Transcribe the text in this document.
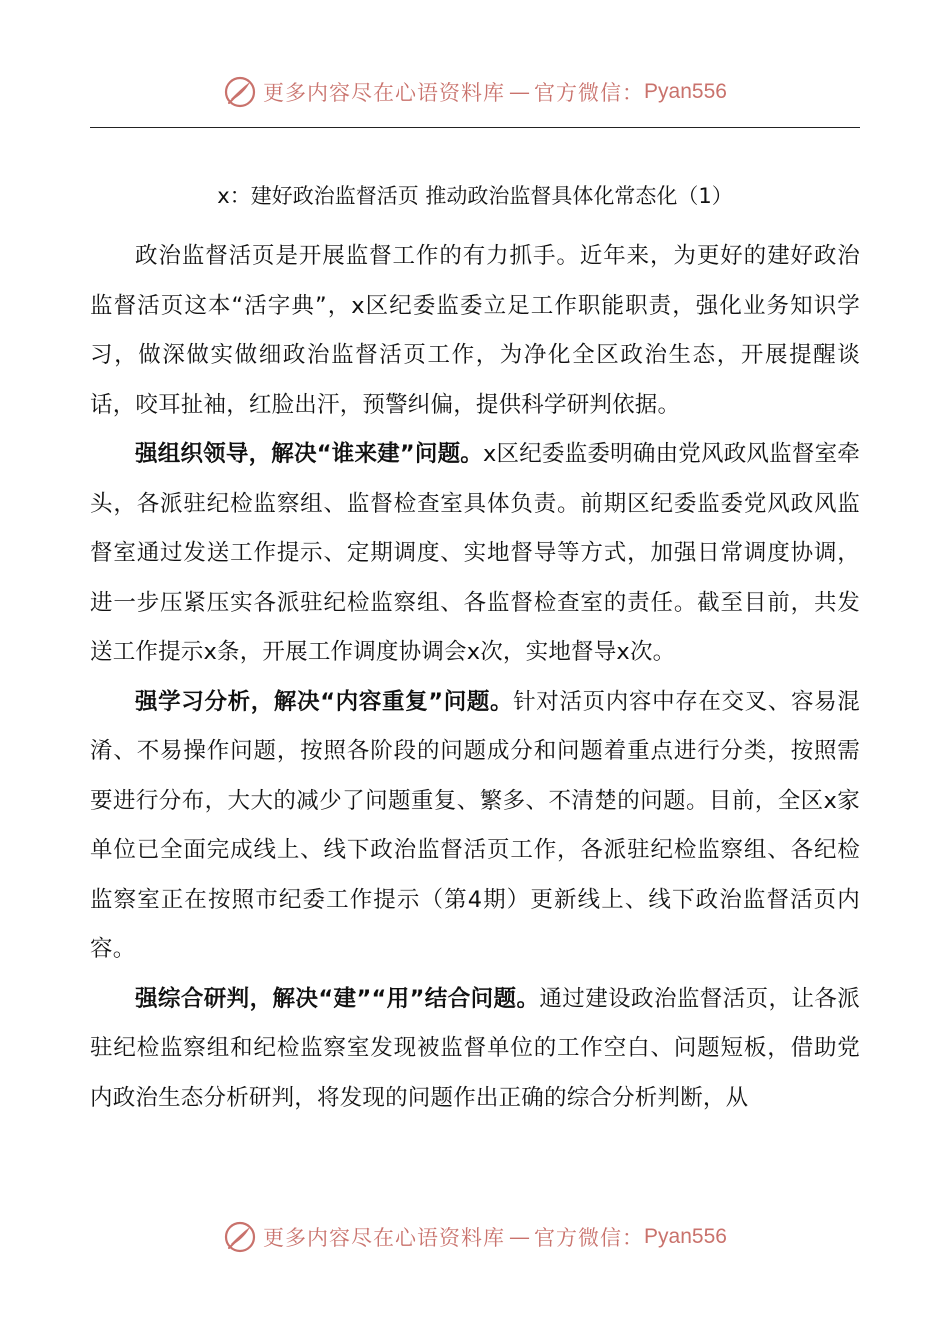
更多内容尽在心语资料库 — 官方微信： Pyan556
x：建好政治监督活页 推动政治监督具体化常态化（1）

政治监督活页是开展监督工作的有力抓手。近年来，为更好的建好政治监督活页这本“活字典”，x区纪委监委立足工作职能职责，强化业务知识学习，做深做实做细政治监督活页工作，为净化全区政治生态，开展提醒谈话，咬耳扯袖，红脸出汗，预警纠偏，提供科学研判依据。

强组织领导，解决“谁来建”问题。x区纪委监委明确由党风政风监督室牵头，各派驻纪检监察组、监督检查室具体负责。前期区纪委监委党风政风监督室通过发送工作提示、定期调度、实地督导等方式，加强日常调度协调，进一步压紧压实各派驻纪检监察组、各监督检查室的责任。截至目前，共发送工作提示x条，开展工作调度协调会x次，实地督导x次。

强学习分析，解决“内容重复”问题。针对活页内容中存在交叉、容易混淆、不易操作问题，按照各阶段的问题成分和问题着重点进行分类，按照需要进行分布，大大的减少了问题重复、繁多、不清楚的问题。目前，全区x家单位已全面完成线上、线下政治监督活页工作，各派驻纪检监察组、各纪检监察室正在按照市纪委工作提示（第4期）更新线上、线下政治监督活页内容。

强综合研判，解决“建”“用”结合问题。通过建设政治监督活页，让各派驻纪检监察组和纪检监察室发现被监督单位的工作空白、问题短板，借助党内政治生态分析研判，将发现的问题作出正确的综合分析判断，从

更多内容尽在心语资料库 — 官方微信： Pyan556
